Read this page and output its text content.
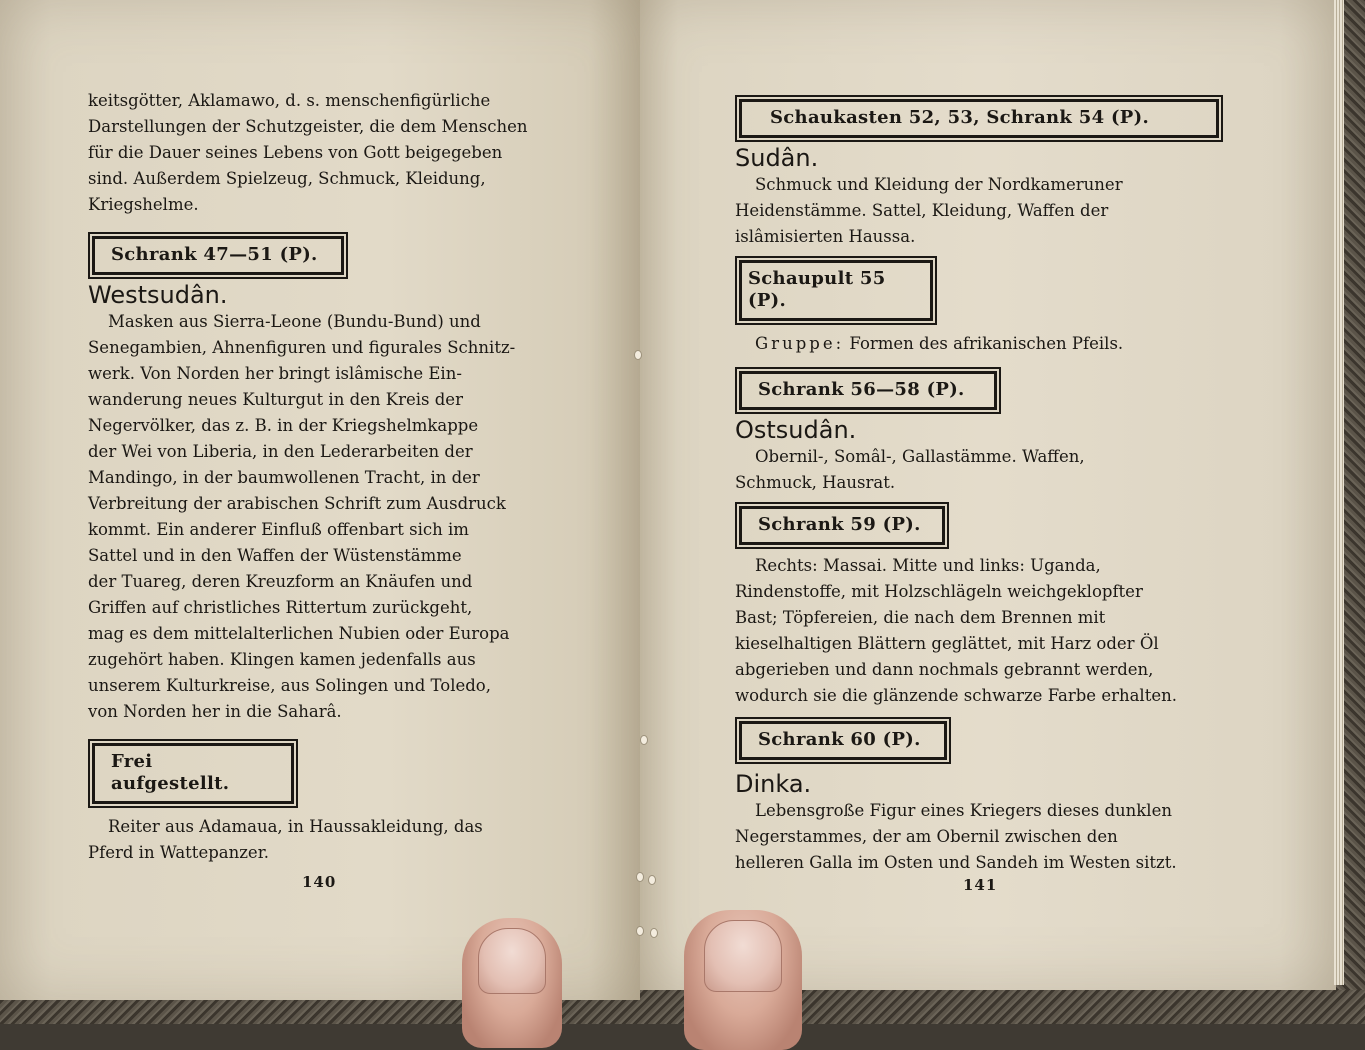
keitsgötter, Aklamawo, d. s. menschenfigürliche

Darstellungen der Schutzgeister, die dem Menschen

für die Dauer seines Lebens von Gott beigegeben

sind. Außerdem Spielzeug, Schmuck, Kleidung,

Kriegshelme.

Schrank 47—51 (P).
Westsudân.

Masken aus Sierra-Leone (Bundu-Bund) und

Senegambien, Ahnenfiguren und figurales Schnitz-

werk. Von Norden her bringt islâmische Ein-

wanderung neues Kulturgut in den Kreis der

Negervölker, das z. B. in der Kriegshelmkappe

der Wei von Liberia, in den Lederarbeiten der

Mandingo, in der baumwollenen Tracht, in der

Verbreitung der arabischen Schrift zum Ausdruck

kommt. Ein anderer Einfluß offenbart sich im

Sattel und in den Waffen der Wüstenstämme

der Tuareg, deren Kreuzform an Knäufen und

Griffen auf christliches Rittertum zurückgeht,

mag es dem mittelalterlichen Nubien oder Europa

zugehört haben. Klingen kamen jedenfalls aus

unserem Kulturkreise, aus Solingen und Toledo,

von Norden her in die Saharâ.

Frei aufgestellt.

Reiter aus Adamaua, in Haussakleidung, das

Pferd in Wattepanzer.

140
Schaukasten 52, 53, Schrank 54 (P).
Sudân.

Schmuck und Kleidung der Nordkameruner

Heidenstämme. Sattel, Kleidung, Waffen der

islâmisierten Haussa.

Schaupult 55 (P).

Gruppe: Formen des afrikanischen Pfeils.

Schrank 56—58 (P).
Ostsudân.

Obernil-, Somâl-, Gallastämme. Waffen,

Schmuck, Hausrat.

Schrank 59 (P).

Rechts: Massai. Mitte und links: Uganda,

Rindenstoffe, mit Holzschlägeln weichgeklopfter

Bast; Töpfereien, die nach dem Brennen mit

kieselhaltigen Blättern geglättet, mit Harz oder Öl

abgerieben und dann nochmals gebrannt werden,

wodurch sie die glänzende schwarze Farbe erhalten.

Schrank 60 (P).
Dinka.

Lebensgroße Figur eines Kriegers dieses dunklen

Negerstammes, der am Obernil zwischen den

helleren Galla im Osten und Sandeh im Westen sitzt.

141
